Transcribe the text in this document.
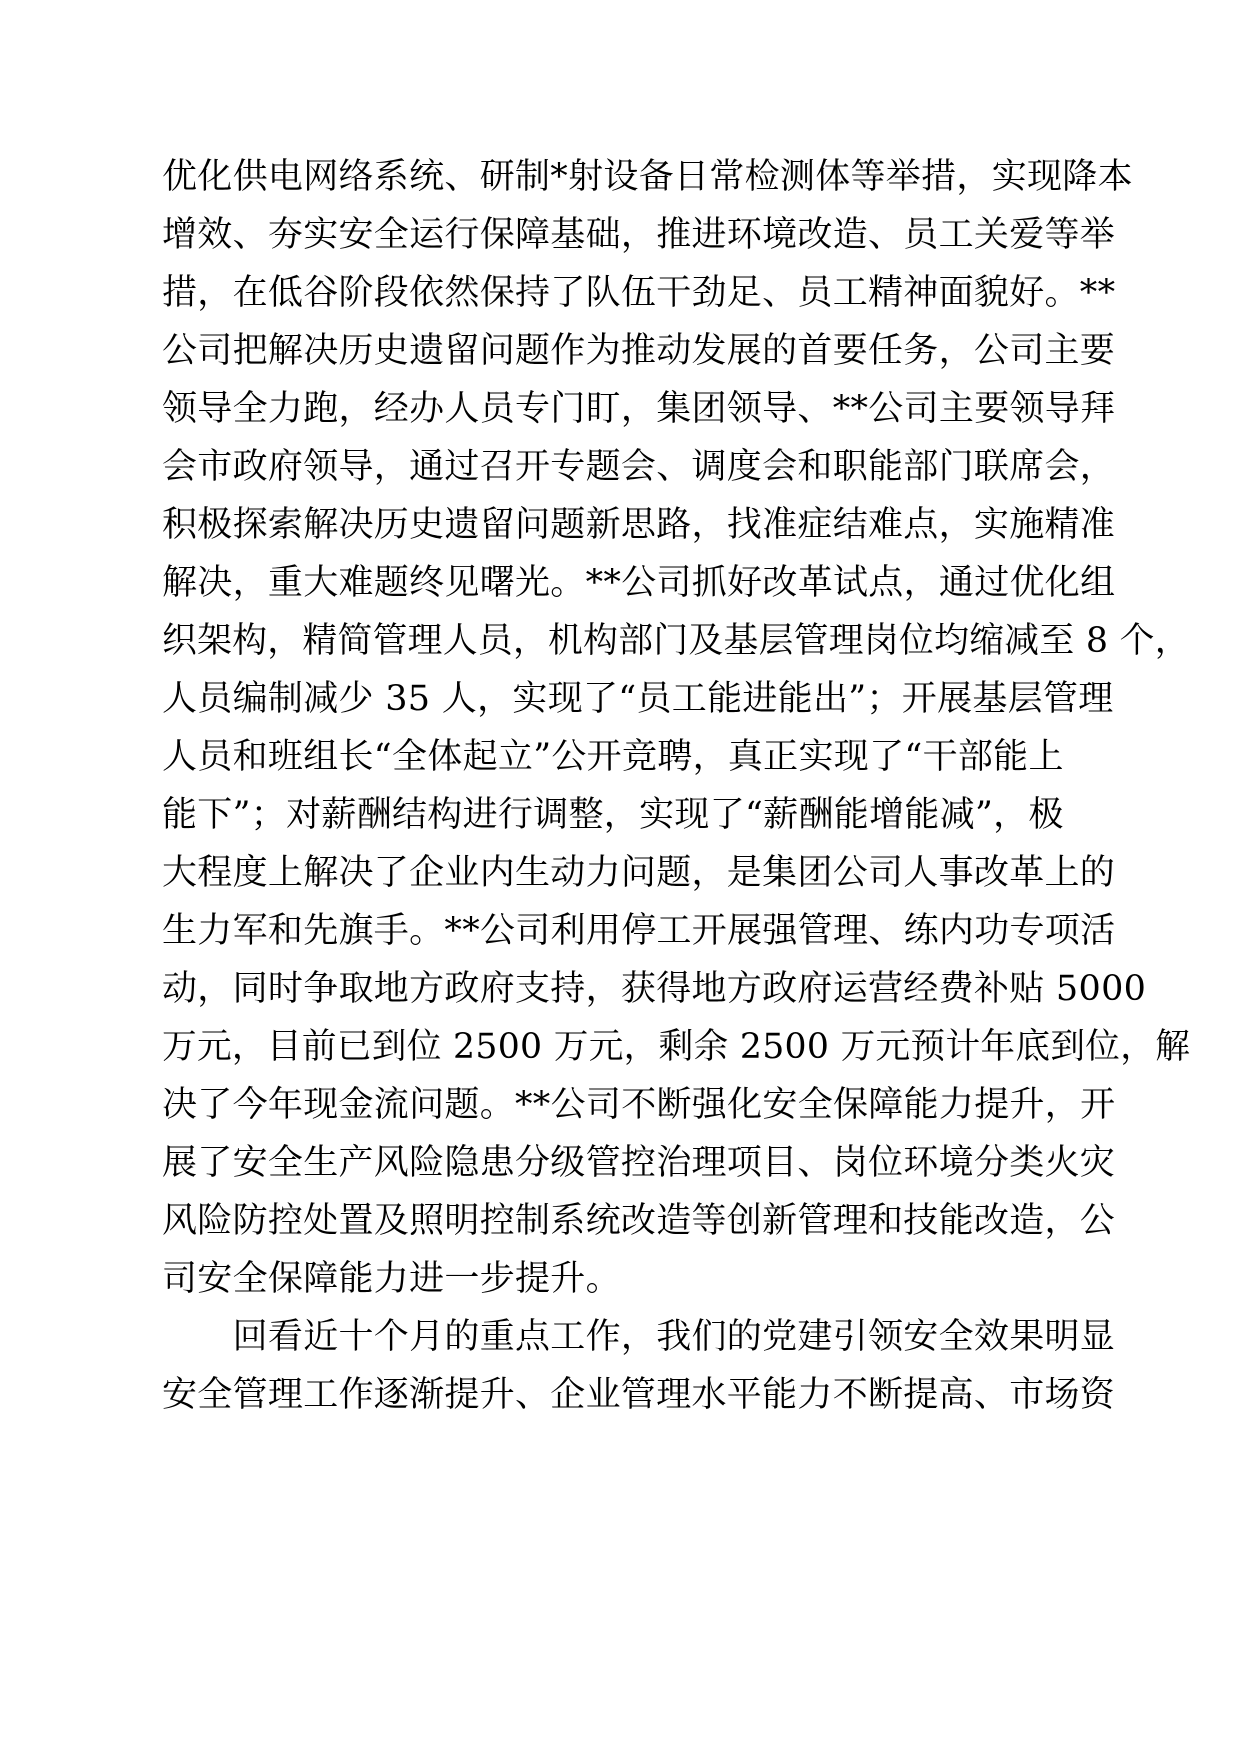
优化供电网络系统、研制*射设备日常检测体等举措，实现降本
增效、夯实安全运行保障基础，推进环境改造、员工关爱等举
措，在低谷阶段依然保持了队伍干劲足、员工精神面貌好。**
公司把解决历史遗留问题作为推动发展的首要任务，公司主要
领导全力跑，经办人员专门盯，集团领导、**公司主要领导拜
会市政府领导，通过召开专题会、调度会和职能部门联席会，
积极探索解决历史遗留问题新思路，找准症结难点，实施精准
解决，重大难题终见曙光。**公司抓好改革试点，通过优化组
织架构，精简管理人员，机构部门及基层管理岗位均缩减至 8 个，
人员编制减少 35 人，实现了“员工能进能出”；开展基层管理
人员和班组长“全体起立”公开竞聘，真正实现了“干部能上
能下”；对薪酬结构进行调整，实现了“薪酬能增能减”，极
大程度上解决了企业内生动力问题，是集团公司人事改革上的
生力军和先旗手。**公司利用停工开展强管理、练内功专项活
动，同时争取地方政府支持，获得地方政府运营经费补贴 5000
万元，目前已到位 2500 万元，剩余 2500 万元预计年底到位，解
决了今年现金流问题。**公司不断强化安全保障能力提升，开
展了安全生产风险隐患分级管控治理项目、岗位环境分类火灾
风险防控处置及照明控制系统改造等创新管理和技能改造，公
司安全保障能力进一步提升。
　　回看近十个月的重点工作，我们的党建引领安全效果明显
安全管理工作逐渐提升、企业管理水平能力不断提高、市场资
